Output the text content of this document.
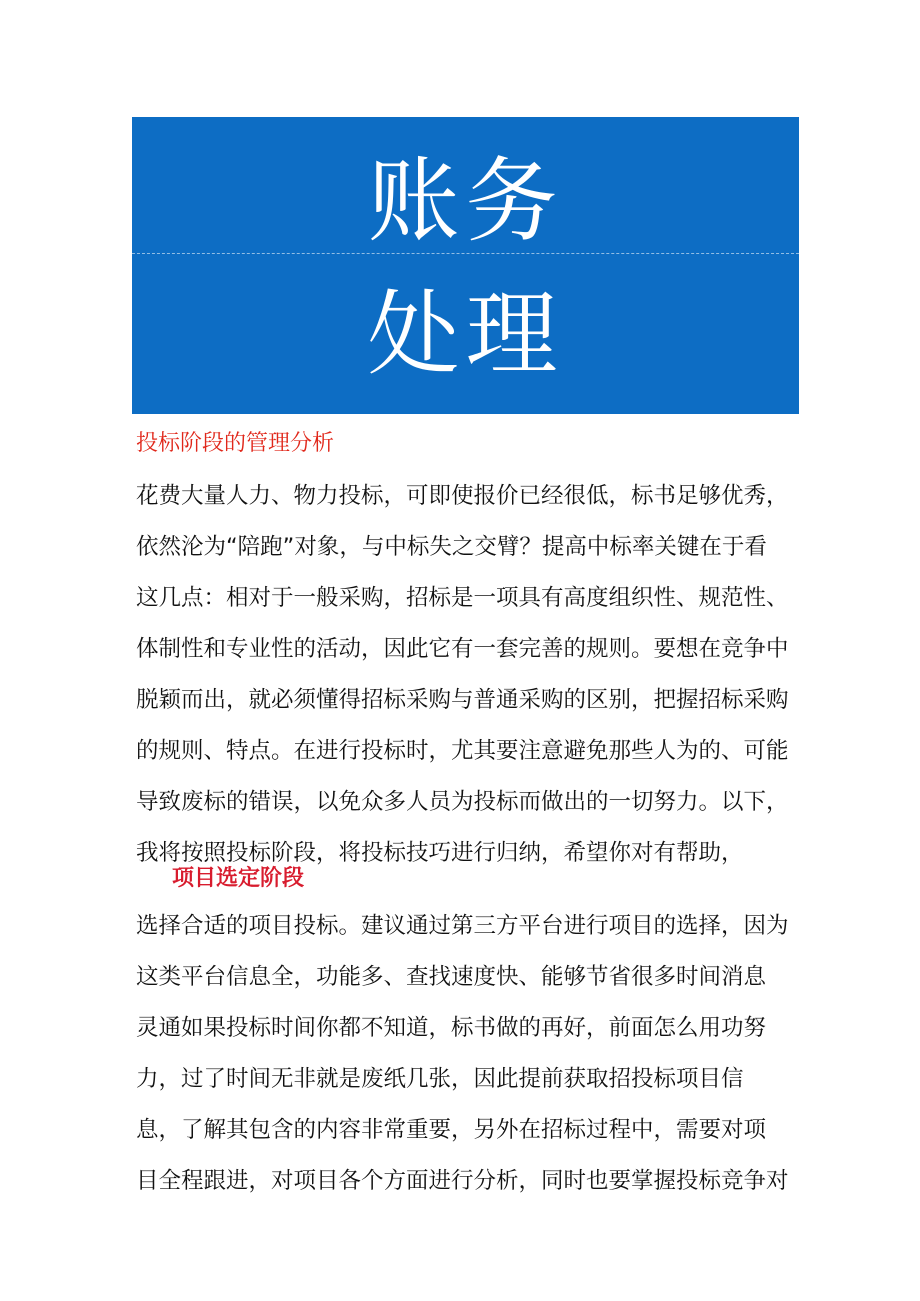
账务
处理
投标阶段的管理分析
花费大量人力、物力投标，可即使报价已经很低，标书足够优秀，
依然沦为“陪跑”对象，与中标失之交臂？提高中标率关键在于看
这几点：相对于一般采购，招标是一项具有高度组织性、规范性、
体制性和专业性的活动，因此它有一套完善的规则。要想在竞争中
脱颖而出，就必须懂得招标采购与普通采购的区别，把握招标采购
的规则、特点。在进行投标时，尤其要注意避免那些人为的、可能
导致废标的错误，以免众多人员为投标而做出的一切努力。以下，
我将按照投标阶段，将投标技巧进行归纳，希望你对有帮助，
项目选定阶段
选择合适的项目投标。建议通过第三方平台进行项目的选择，因为
这类平台信息全，功能多、查找速度快、能够节省很多时间消息
灵通如果投标时间你都不知道，标书做的再好，前面怎么用功努
力，过了时间无非就是废纸几张，因此提前获取招投标项目信
息，了解其包含的内容非常重要，另外在招标过程中，需要对项
目全程跟进，对项目各个方面进行分析，同时也要掌握投标竞争对
